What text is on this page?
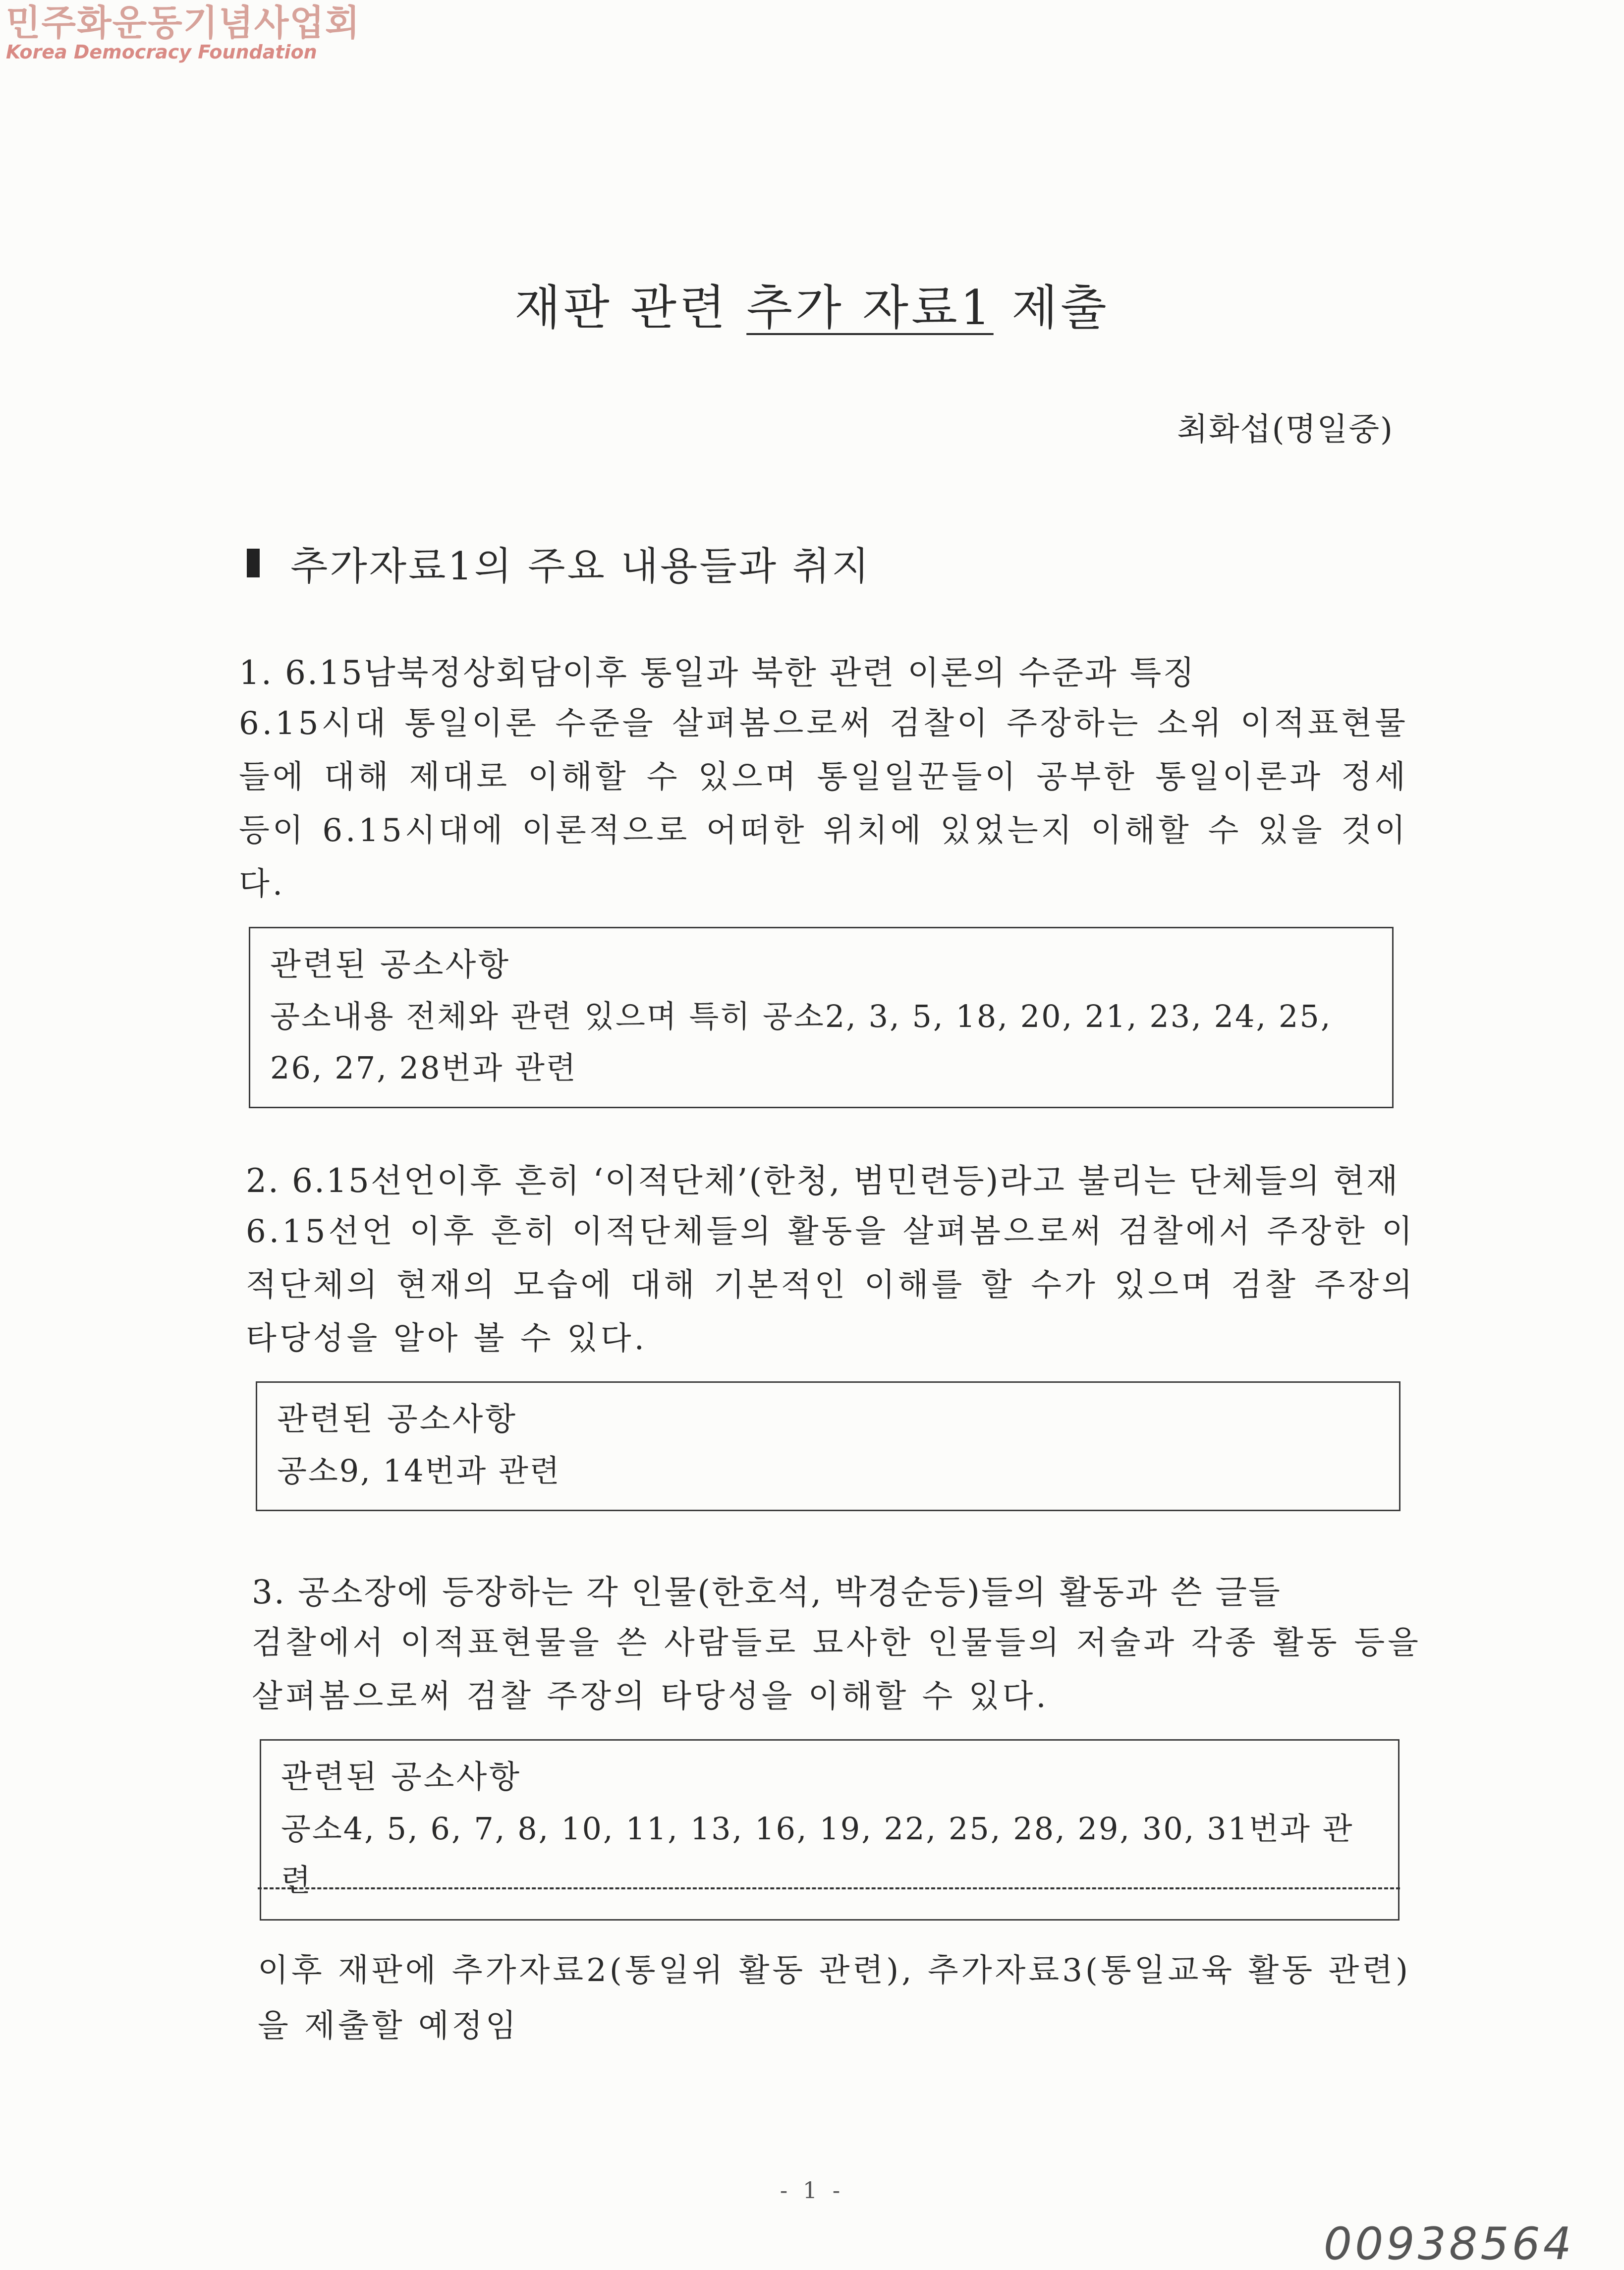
민주화운동기념사업회
Korea Democracy Foundation
재판 관련 추가 자료1 제출
최화섭(명일중)
추가자료1의 주요 내용들과 취지
1. 6.15남북정상회담이후 통일과 북한 관련 이론의 수준과 특징
6.15시대 통일이론 수준을 살펴봄으로써 검찰이 주장하는 소위 이적표현물들에 대해 제대로 이해할 수 있으며 통일일꾼들이 공부한 통일이론과 정세 등이 6.15시대에 이론적으로 어떠한 위치에 있었는지 이해할 수 있을 것이다.
관련된 공소사항
공소내용 전체와 관련 있으며 특히 공소2, 3, 5, 18, 20, 21, 23, 24, 25, 26, 27, 28번과 관련
2. 6.15선언이후 흔히 ‘이적단체’(한청, 범민련등)라고 불리는 단체들의 현재
6.15선언 이후 흔히 이적단체들의 활동을 살펴봄으로써 검찰에서 주장한 이적단체의 현재의 모습에 대해 기본적인 이해를 할 수가 있으며 검찰 주장의 타당성을 알아 볼 수 있다.
관련된 공소사항
공소9, 14번과 관련
3. 공소장에 등장하는 각 인물(한호석, 박경순등)들의 활동과 쓴 글들
검찰에서 이적표현물을 쓴 사람들로 묘사한 인물들의 저술과 각종 활동 등을 살펴봄으로써 검찰 주장의 타당성을 이해할 수 있다.
관련된 공소사항
공소4, 5, 6, 7, 8, 10, 11, 13, 16, 19, 22, 25, 28, 29, 30, 31번과 관련
이후 재판에 추가자료2(통일위 활동 관련), 추가자료3(통일교육 활동 관련)을 제출할 예정임
- 1 -
00938564
